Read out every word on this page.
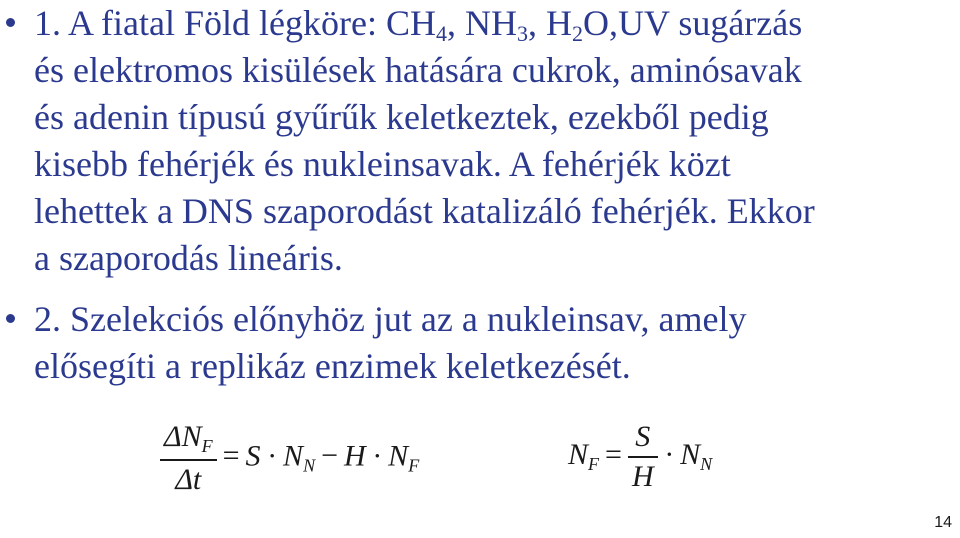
1. A fiatal Föld légköre: $CH_4$, $NH_3$, $H_2O,UV$ sugárzás
és elektromos kisülések hatására cukrok, aminósavak
és adenin típusú gyűrűk keletkeztek, ezekből pedig
kisebb fehérjék és nukleinsavak. A fehérjék közt
lehettek a DNS szaporodást katalizáló fehérjék. Ekkor
a szaporodás lineáris.
2. Szelekciós előnyhöz jut az a nukleinsav, amely
elősegíti a replikáz enzimek keletkezését.
$\frac{\Delta N_F}{\Delta t} = S \cdot N_N - H \cdot N_F$	$N_F = \frac{S}{H} \cdot N_N$
14
